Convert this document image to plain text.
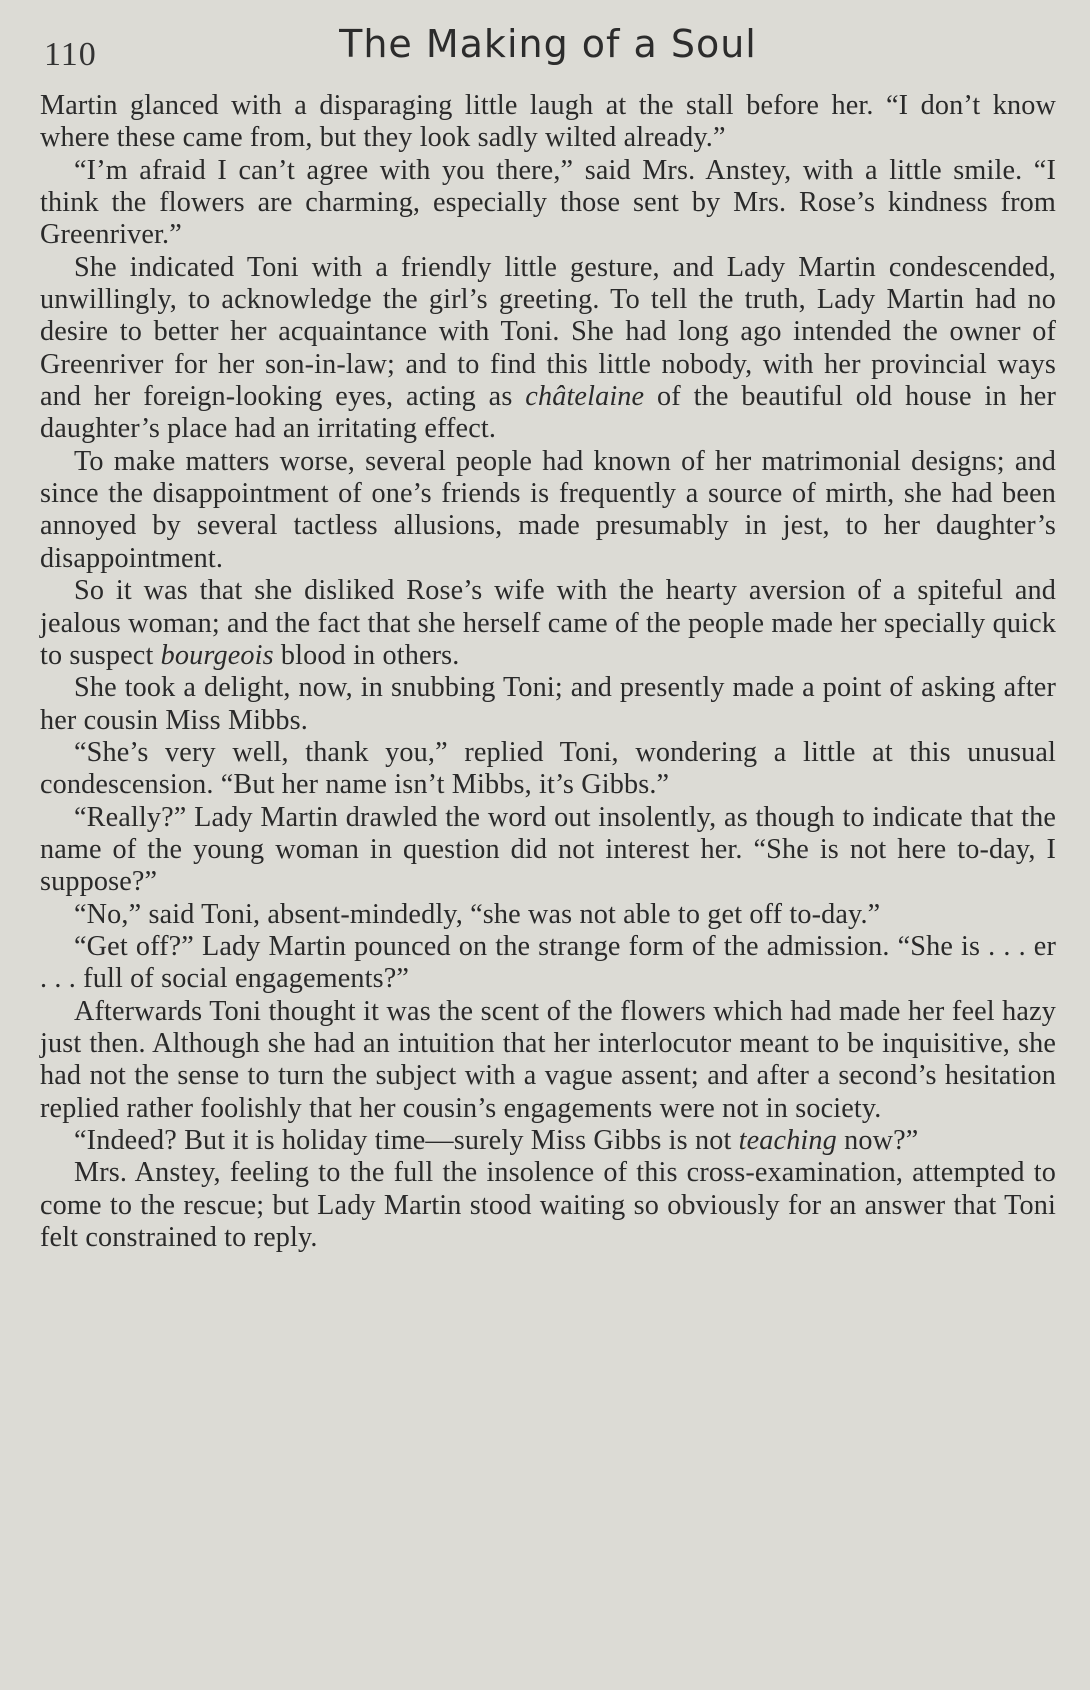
110	The Making of a Soul

Martin glanced with a disparaging little laugh at the stall before her. “I don’t know where these came from, but they look sadly wilted already.”

“I’m afraid I can’t agree with you there,” said Mrs. Anstey, with a little smile. “I think the flowers are charming, especially those sent by Mrs. Rose’s kindness from Greenriver.”

She indicated Toni with a friendly little gesture, and Lady Martin condescended, unwillingly, to acknowledge the girl’s greeting. To tell the truth, Lady Martin had no desire to better her acquaintance with Toni. She had long ago intended the owner of Greenriver for her son-in-law; and to find this little nobody, with her provincial ways and her foreign-looking eyes, acting as châtelaine of the beautiful old house in her daughter’s place had an irritating effect.

To make matters worse, several people had known of her matrimonial designs; and since the disappointment of one’s friends is frequently a source of mirth, she had been annoyed by several tactless allusions, made presumably in jest, to her daughter’s disappointment.

So it was that she disliked Rose’s wife with the hearty aversion of a spiteful and jealous woman; and the fact that she herself came of the people made her specially quick to suspect bourgeois blood in others.

She took a delight, now, in snubbing Toni; and presently made a point of asking after her cousin Miss Mibbs.

“She’s very well, thank you,” replied Toni, wondering a little at this unusual condescension. “But her name isn’t Mibbs, it’s Gibbs.”

“Really?” Lady Martin drawled the word out insolently, as though to indicate that the name of the young woman in question did not interest her. “She is not here to-day, I suppose?”

“No,” said Toni, absent-mindedly, “she was not able to get off to-day.”

“Get off?” Lady Martin pounced on the strange form of the admission. “She is . . . er . . . full of social engagements?”

Afterwards Toni thought it was the scent of the flowers which had made her feel hazy just then. Although she had an intuition that her interlocutor meant to be inquisitive, she had not the sense to turn the subject with a vague assent; and after a second’s hesitation replied rather foolishly that her cousin’s engagements were not in society.

“Indeed? But it is holiday time—surely Miss Gibbs is not teaching now?”

Mrs. Anstey, feeling to the full the insolence of this cross-examination, attempted to come to the rescue; but Lady Martin stood waiting so obviously for an answer that Toni felt constrained to reply.
